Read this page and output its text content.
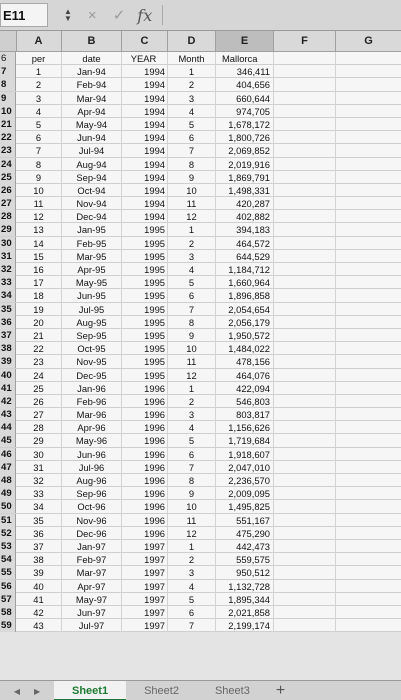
E11	▲
▼ × ✓ fx
A	B	C	D	E	F	G
6	per	date	YEAR	Month	Mallorca
7	1	Jan-94	1994	1	346,411
8	2	Feb-94	1994	2	404,656
9	3	Mar-94	1994	3	660,644
10	4	Apr-94	1994	4	974,705
21	5	May-94	1994	5	1,678,172
22	6	Jun-94	1994	6	1,800,726
23	7	Jul-94	1994	7	2,069,852
24	8	Aug-94	1994	8	2,019,916
25	9	Sep-94	1994	9	1,869,791
26	10	Oct-94	1994	10	1,498,331
27	11	Nov-94	1994	11	420,287
28	12	Dec-94	1994	12	402,882
29	13	Jan-95	1995	1	394,183
30	14	Feb-95	1995	2	464,572
31	15	Mar-95	1995	3	644,529
32	16	Apr-95	1995	4	1,184,712
33	17	May-95	1995	5	1,660,964
34	18	Jun-95	1995	6	1,896,858
35	19	Jul-95	1995	7	2,054,654
36	20	Aug-95	1995	8	2,056,179
37	21	Sep-95	1995	9	1,950,572
38	22	Oct-95	1995	10	1,484,022
39	23	Nov-95	1995	11	478,156
40	24	Dec-95	1995	12	464,076
41	25	Jan-96	1996	1	422,094
42	26	Feb-96	1996	2	546,803
43	27	Mar-96	1996	3	803,817
44	28	Apr-96	1996	4	1,156,626
45	29	May-96	1996	5	1,719,684
46	30	Jun-96	1996	6	1,918,607
47	31	Jul-96	1996	7	2,047,010
48	32	Aug-96	1996	8	2,236,570
49	33	Sep-96	1996	9	2,009,095
50	34	Oct-96	1996	10	1,495,825
51	35	Nov-96	1996	11	551,167
52	36	Dec-96	1996	12	475,290
53	37	Jan-97	1997	1	442,473
54	38	Feb-97	1997	2	559,575
55	39	Mar-97	1997	3	950,512
56	40	Apr-97	1997	4	1,132,728
57	41	May-97	1997	5	1,895,344
58	42	Jun-97	1997	6	2,021,858
59	43	Jul-97	1997	7	2,199,174
◀ ▶	Sheet1	Sheet2	Sheet3	+
